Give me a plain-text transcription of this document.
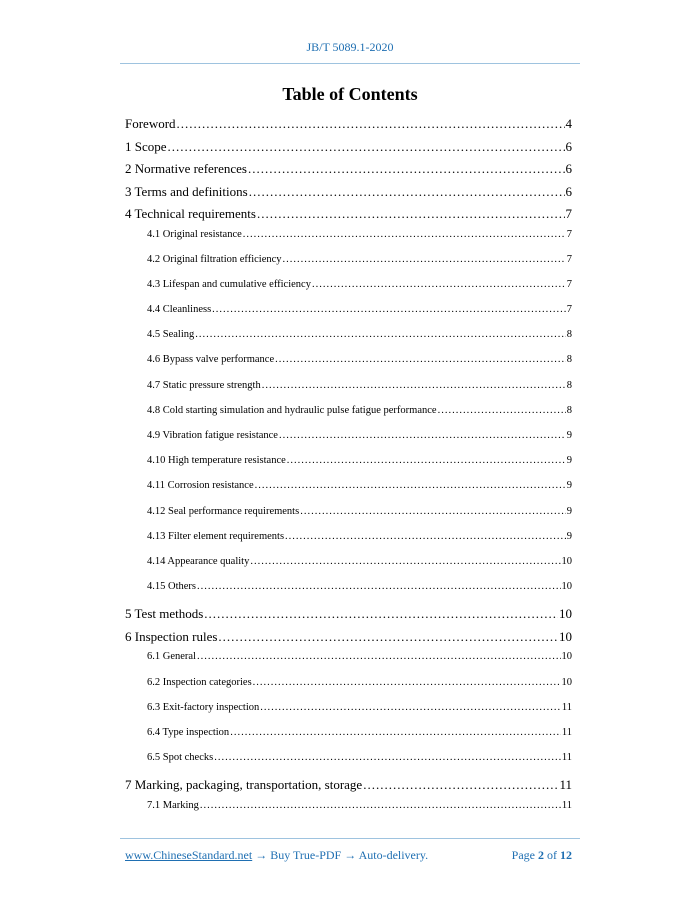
JB/T 5089.1-2020
Table of Contents
Foreword .....	4
1 Scope .....	6
2 Normative references .....	6
3 Terms and definitions .....	6
4 Technical requirements .....	7
4.1 Original resistance .....	7
4.2 Original filtration efficiency .....	7
4.3 Lifespan and cumulative efficiency .....	7
4.4 Cleanliness .....	7
4.5 Sealing .....	8
4.6 Bypass valve performance .....	8
4.7 Static pressure strength .....	8
4.8 Cold starting simulation and hydraulic pulse fatigue performance .....	8
4.9 Vibration fatigue resistance .....	9
4.10 High temperature resistance .....	9
4.11 Corrosion resistance .....	9
4.12 Seal performance requirements .....	9
4.13 Filter element requirements .....	9
4.14 Appearance quality .....	10
4.15 Others .....	10
5 Test methods .....	10
6 Inspection rules .....	10
6.1 General .....	10
6.2 Inspection categories .....	10
6.3 Exit-factory inspection .....	11
6.4 Type inspection .....	11
6.5 Spot checks .....	11
7 Marking, packaging, transportation, storage .....	11
7.1 Marking .....	11
www.ChineseStandard.net → Buy True-PDF → Auto-delivery.	Page 2 of 12
